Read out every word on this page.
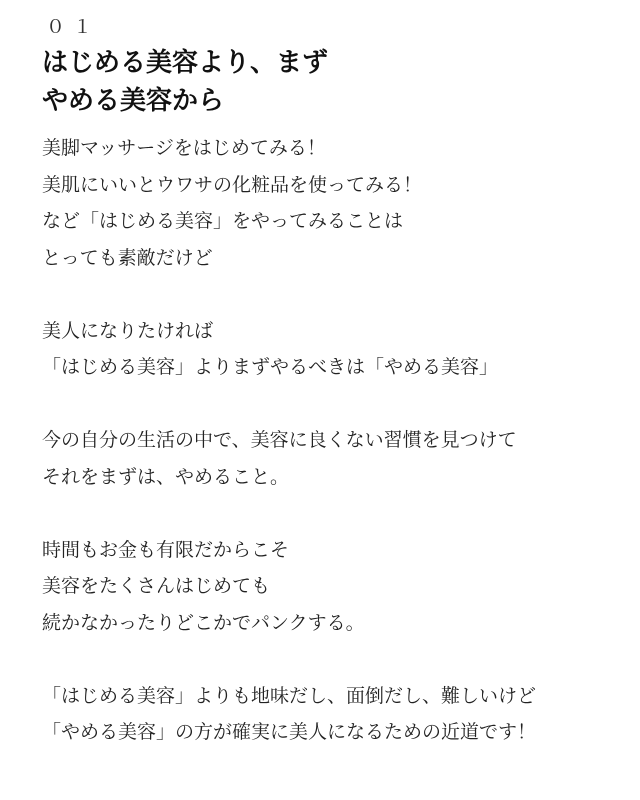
０１
はじめる美容より、まず
やめる美容から
美脚マッサージをはじめてみる！
美肌にいいとウワサの化粧品を使ってみる！
など「はじめる美容」をやってみることは
とっても素敵だけど
美人になりたければ
「はじめる美容」よりまずやるべきは「やめる美容」
今の自分の生活の中で、美容に良くない習慣を見つけて
それをまずは、やめること。
時間もお金も有限だからこそ
美容をたくさんはじめても
続かなかったりどこかでパンクする。
「はじめる美容」よりも地味だし、面倒だし、難しいけど
「やめる美容」の方が確実に美人になるための近道です！
